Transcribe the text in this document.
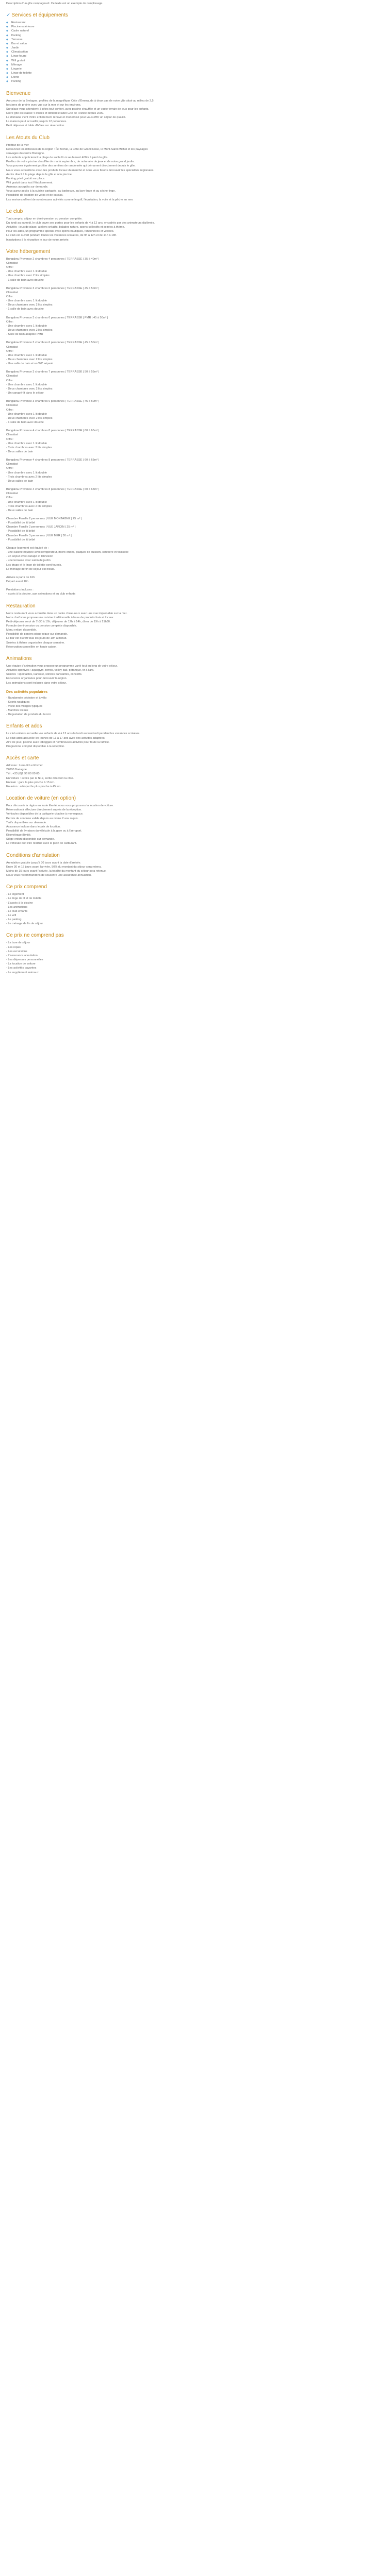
Description d'un gîte campagnard. Ce texte est un exemple de remplissage.

✓ Services et équipements
◆ Restaurant
◆ Piscine extérieure
◆ Cadre naturel
◆ Parking
◆ Terrasse
◆ Bar et salon
◆ Jardin
◆ Climatisation
◆ Linge fourni
◆ Wifi gratuit
◆ Ménage
◆ Lingerie
◆ Linge de toilette
◆ Literie
◆ Parking
Bienvenue
Au coeur de la Bretagne, profitez de la magnifique Côte d'Émeraude à deux pas de notre gîte situé au milieu de 2,5
hectares de prairie avec vue sur la mer et sur les environs.
Sur place vous attendent: 3 gîtes tout confort, avec piscine chauffée et un vaste terrain de jeux pour les enfants.
Notre gîte est classé 4 étoiles et détient le label Gîte de France depuis 2009.
Le domaine vient d'être entièrement rénové et modernisé pour vous offrir un séjour de qualité.
La maison peut accueillir jusqu'à 12 personnes.
Petit déjeuner et table d'hôtes sur réservation.
Les Atouts du Club
Profitez de la mer
Découvrez les richesses de la région : Île Brehat, la Côte de Granit Rose, le Mont-Saint-Michel et les paysages
sauvages du centre Bretagne.
Les enfants apprécieront la plage de sable fin à seulement 400m à pied du gîte.
Profitez de notre piscine chauffée de mai à septembre, de notre aire de jeux et de notre grand jardin.
Vous pourrez également profiter des sentiers de randonnée qui démarrent directement depuis le gîte.
Nous vous accueillons avec des produits locaux du marché et nous vous ferons découvrir les spécialités régionales.
Accès direct à la plage depuis le gîte et à la piscine.
Parking privé gratuit sur place.
Wifi gratuit dans tout l'établissement.
Animaux acceptés sur demande.
Vous aurez accès à la cuisine partagée, au barbecue, au lave-linge et au sèche-linge.
Possibilité de location de vélos et de kayaks.
Les environs offrent de nombreuses activités comme le golf, l'équitation, la voile et la pêche en mer.
Le club
Tout compris, séjour en demi-pension ou pension complète.
Du lundi au samedi, le club ouvre ses portes pour les enfants de 4 à 12 ans, encadrés par des animateurs diplômés.
Activités : jeux de plage, ateliers créatifs, balades nature, sports collectifs et soirées à thème.
Pour les ados, un programme spécial avec sports nautiques, randonnées et veillées.
Le club est ouvert pendant toutes les vacances scolaires, de 9h à 12h et de 14h à 18h.
Inscriptions à la réception le jour de votre arrivée.
Votre hébergement
Bungalow Provence 2 chambres 4 personnes | TERRASSE | 35 à 40m² |
Climatisé
Offre:
- Une chambre avec 1 lit double
- Une chambre avec 2 lits simples
- 1 salle de bain avec douche
Bungalow Provence 3 chambres 6 personnes | TERRASSE | 45 à 50m² |
Climatisé
Offre:
- Une chambre avec 1 lit double
- Deux chambres avec 2 lits simples
- 1 salle de bain avec douche
Bungalow Provence 3 chambres 6 personnes | TERRASSE | PMR | 45 à 50m² |
Offre:
- Une chambre avec 1 lit double
- Deux chambres avec 2 lits simples
- Salle de bain adaptée PMR
Bungalow Provence 3 chambres 6 personnes | TERRASSE | 45 à 50m² |
Climatisé
Offre:
- Une chambre avec 1 lit double
- Deux chambres avec 2 lits simples
- Une salle de bain et un WC séparé
Bungalow Provence 3 chambres 7 personnes | TERRASSE | 50 à 55m² |
Climatisé
Offre:
- Une chambre avec 1 lit double
- Deux chambres avec 2 lits simples
- Un canapé-lit dans le séjour
Bungalow Provence 3 chambres 6 personnes | TERRASSE | 45 à 50m² |
Climatisé
Offre:
- Une chambre avec 1 lit double
- Deux chambres avec 2 lits simples
- 1 salle de bain avec douche
Bungalow Provence 4 chambres 8 personnes | TERRASSE | 60 à 65m² |
Climatisé
Offre:
- Une chambre avec 1 lit double
- Trois chambres avec 2 lits simples
- Deux salles de bain
Bungalow Provence 4 chambres 8 personnes | TERRASSE | 60 à 65m² |
Climatisé
Offre:
- Une chambre avec 1 lit double
- Trois chambres avec 2 lits simples
- Deux salles de bain
Bungalow Provence 4 chambres 8 personnes | TERRASSE | 60 à 65m² |
Climatisé
Offre:
- Une chambre avec 1 lit double
- Trois chambres avec 2 lits simples
- Deux salles de bain
Chambre Famille 2 personnes | VUE MONTAGNE | 25 m² |
- Possibilité de lit bébé
Chambre Famille 2 personnes | VUE JARDIN | 25 m² |
- Possibilité de lit bébé
Chambre Famille 3 personnes | VUE MER | 30 m² |
- Possibilité de lit bébé
Chaque logement est équipé de :
- une cuisine équipée avec réfrigérateur, micro-ondes, plaques de cuisson, cafetière et vaisselle
- un séjour avec canapé et télévision
- une terrasse avec salon de jardin
Les draps et le linge de toilette sont fournis.
Le ménage de fin de séjour est inclus.
Arrivée à partir de 16h
Départ avant 10h
Prestations incluses :
- accès à la piscine, aux animations et au club enfants
Restauration
Notre restaurant vous accueille dans un cadre chaleureux avec une vue imprenable sur la mer.
Notre chef vous propose une cuisine traditionnelle à base de produits frais et locaux.
Petit-déjeuner servi de 7h30 à 10h, déjeuner de 12h à 14h, dîner de 19h à 21h30.
Formule demi-pension ou pension complète disponible.
Menu enfant disponible.
Possibilité de paniers pique-nique sur demande.
Le bar est ouvert tous les jours de 10h à minuit.
Soirées à thème organisées chaque semaine.
Réservation conseillée en haute saison.
Animations
Une équipe d'animation vous propose un programme varié tout au long de votre séjour.
Activités sportives : aquagym, tennis, volley-ball, pétanque, tir à l'arc.
Soirées : spectacles, karaoké, soirées dansantes, concerts.
Excursions organisées pour découvrir la région.
Les animations sont incluses dans votre séjour.
Des activités populaires
- Randonnée pédestre et à vélo
- Sports nautiques
- Visite des villages typiques
- Marchés locaux
- Dégustation de produits du terroir
Enfants et ados
Le club enfants accueille vos enfants de 4 à 12 ans du lundi au vendredi pendant les vacances scolaires.
Le club ados accueille les jeunes de 13 à 17 ans avec des activités adaptées.
Aire de jeux, piscine avec toboggan et nombreuses activités pour toute la famille.
Programme complet disponible à la réception.
Accès et carte
Adresse : Lieu-dit Le Rocher
22000 Bretagne
Tél : +33 (0)2 96 00 00 00
En voiture : accès par la N12, sortie direction la côte.
En train : gare la plus proche à 15 km.
En avion : aéroport le plus proche à 45 km.
Location de voiture (en option)
Pour découvrir la région en toute liberté, nous vous proposons la location de voiture.
Réservation à effectuer directement auprès de la réception.
Véhicules disponibles de la catégorie citadine à monospace.
Permis de conduire valide depuis au moins 2 ans requis.
Tarifs disponibles sur demande.
Assurance incluse dans le prix de location.
Possibilité de livraison du véhicule à la gare ou à l'aéroport.
Kilométrage illimité.
Siège enfant disponible sur demande.
Le véhicule doit être restitué avec le plein de carburant.
Conditions d'annulation
Annulation gratuite jusqu'à 30 jours avant la date d'arrivée.
Entre 30 et 15 jours avant l'arrivée, 50% du montant du séjour sera retenu.
Moins de 15 jours avant l'arrivée, la totalité du montant du séjour sera retenue.
Nous vous recommandons de souscrire une assurance annulation.
Ce prix comprend
- Le logement
- Le linge de lit et de toilette
- L'accès à la piscine
- Les animations
- Le club enfants
- Le wifi
- Le parking
- Le ménage de fin de séjour
Ce prix ne comprend pas
- La taxe de séjour
- Les repas
- Les excursions
- L'assurance annulation
- Les dépenses personnelles
- La location de voiture
- Les activités payantes
- Le supplément animaux
